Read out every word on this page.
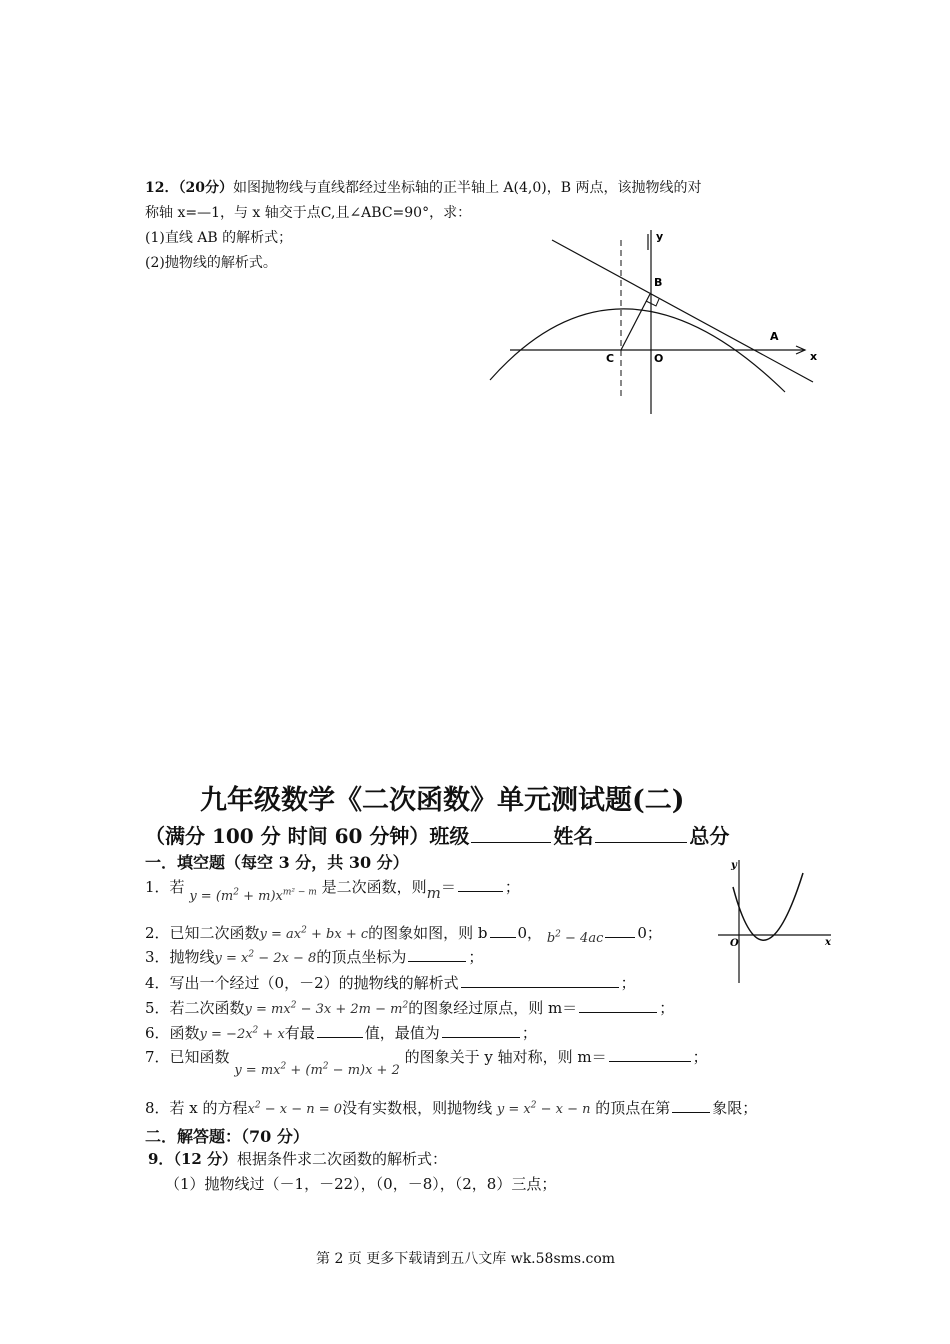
12．（20分）如图抛物线与直线都经过坐标轴的正半轴上 A(4,0)，B 两点，该抛物线的对
称轴 x=—1，与 x 轴交于点C,且∠ABC=90°，求：
(1)直线 AB 的解析式；
(2)抛物线的解析式。
y
B
A
x
C	O
九年级数学《二次函数》单元测试题(二)
（满分 100 分 时间 60 分钟）班级	姓名	总分
一．填空题（每空 3 分，共 30 分）
1．若 $y = (m^2 + m)x^{m^2 - m}$ 是二次函数，则m＝	；
2．已知二次函数$y = ax^2$ + bx + c的图象如图，则 b 0， $b^2 - 4ac$ 0；
3．抛物线$y = x^2 - 2x - 8$的顶点坐标为	；
4．写出一个经过（0，－2）的抛物线的解析式	；
5．若二次函数$y = mx^2 - 3x + 2m - m^2$的图象经过原点，则 m＝	；
6．函数$y = -2x^2 + x$有最	值，最值为	；
7．已知函数 $y = mx^2 + (m^2 - m)x + 2$ 的图象关于 y 轴对称，则 m＝	；
8．若 x 的方程$x^2 - x - n = 0$没有实数根，则抛物线 $y = x^2 - x - n$ 的顶点在第	象限；
y
x
O
二．解答题：（70 分）
9．（12 分）根据条件求二次函数的解析式：
（1）抛物线过（－1，－22），（0，－8），（2，8）三点；
第 2 页 更多下载请到五八文库 wk.58sms.com
